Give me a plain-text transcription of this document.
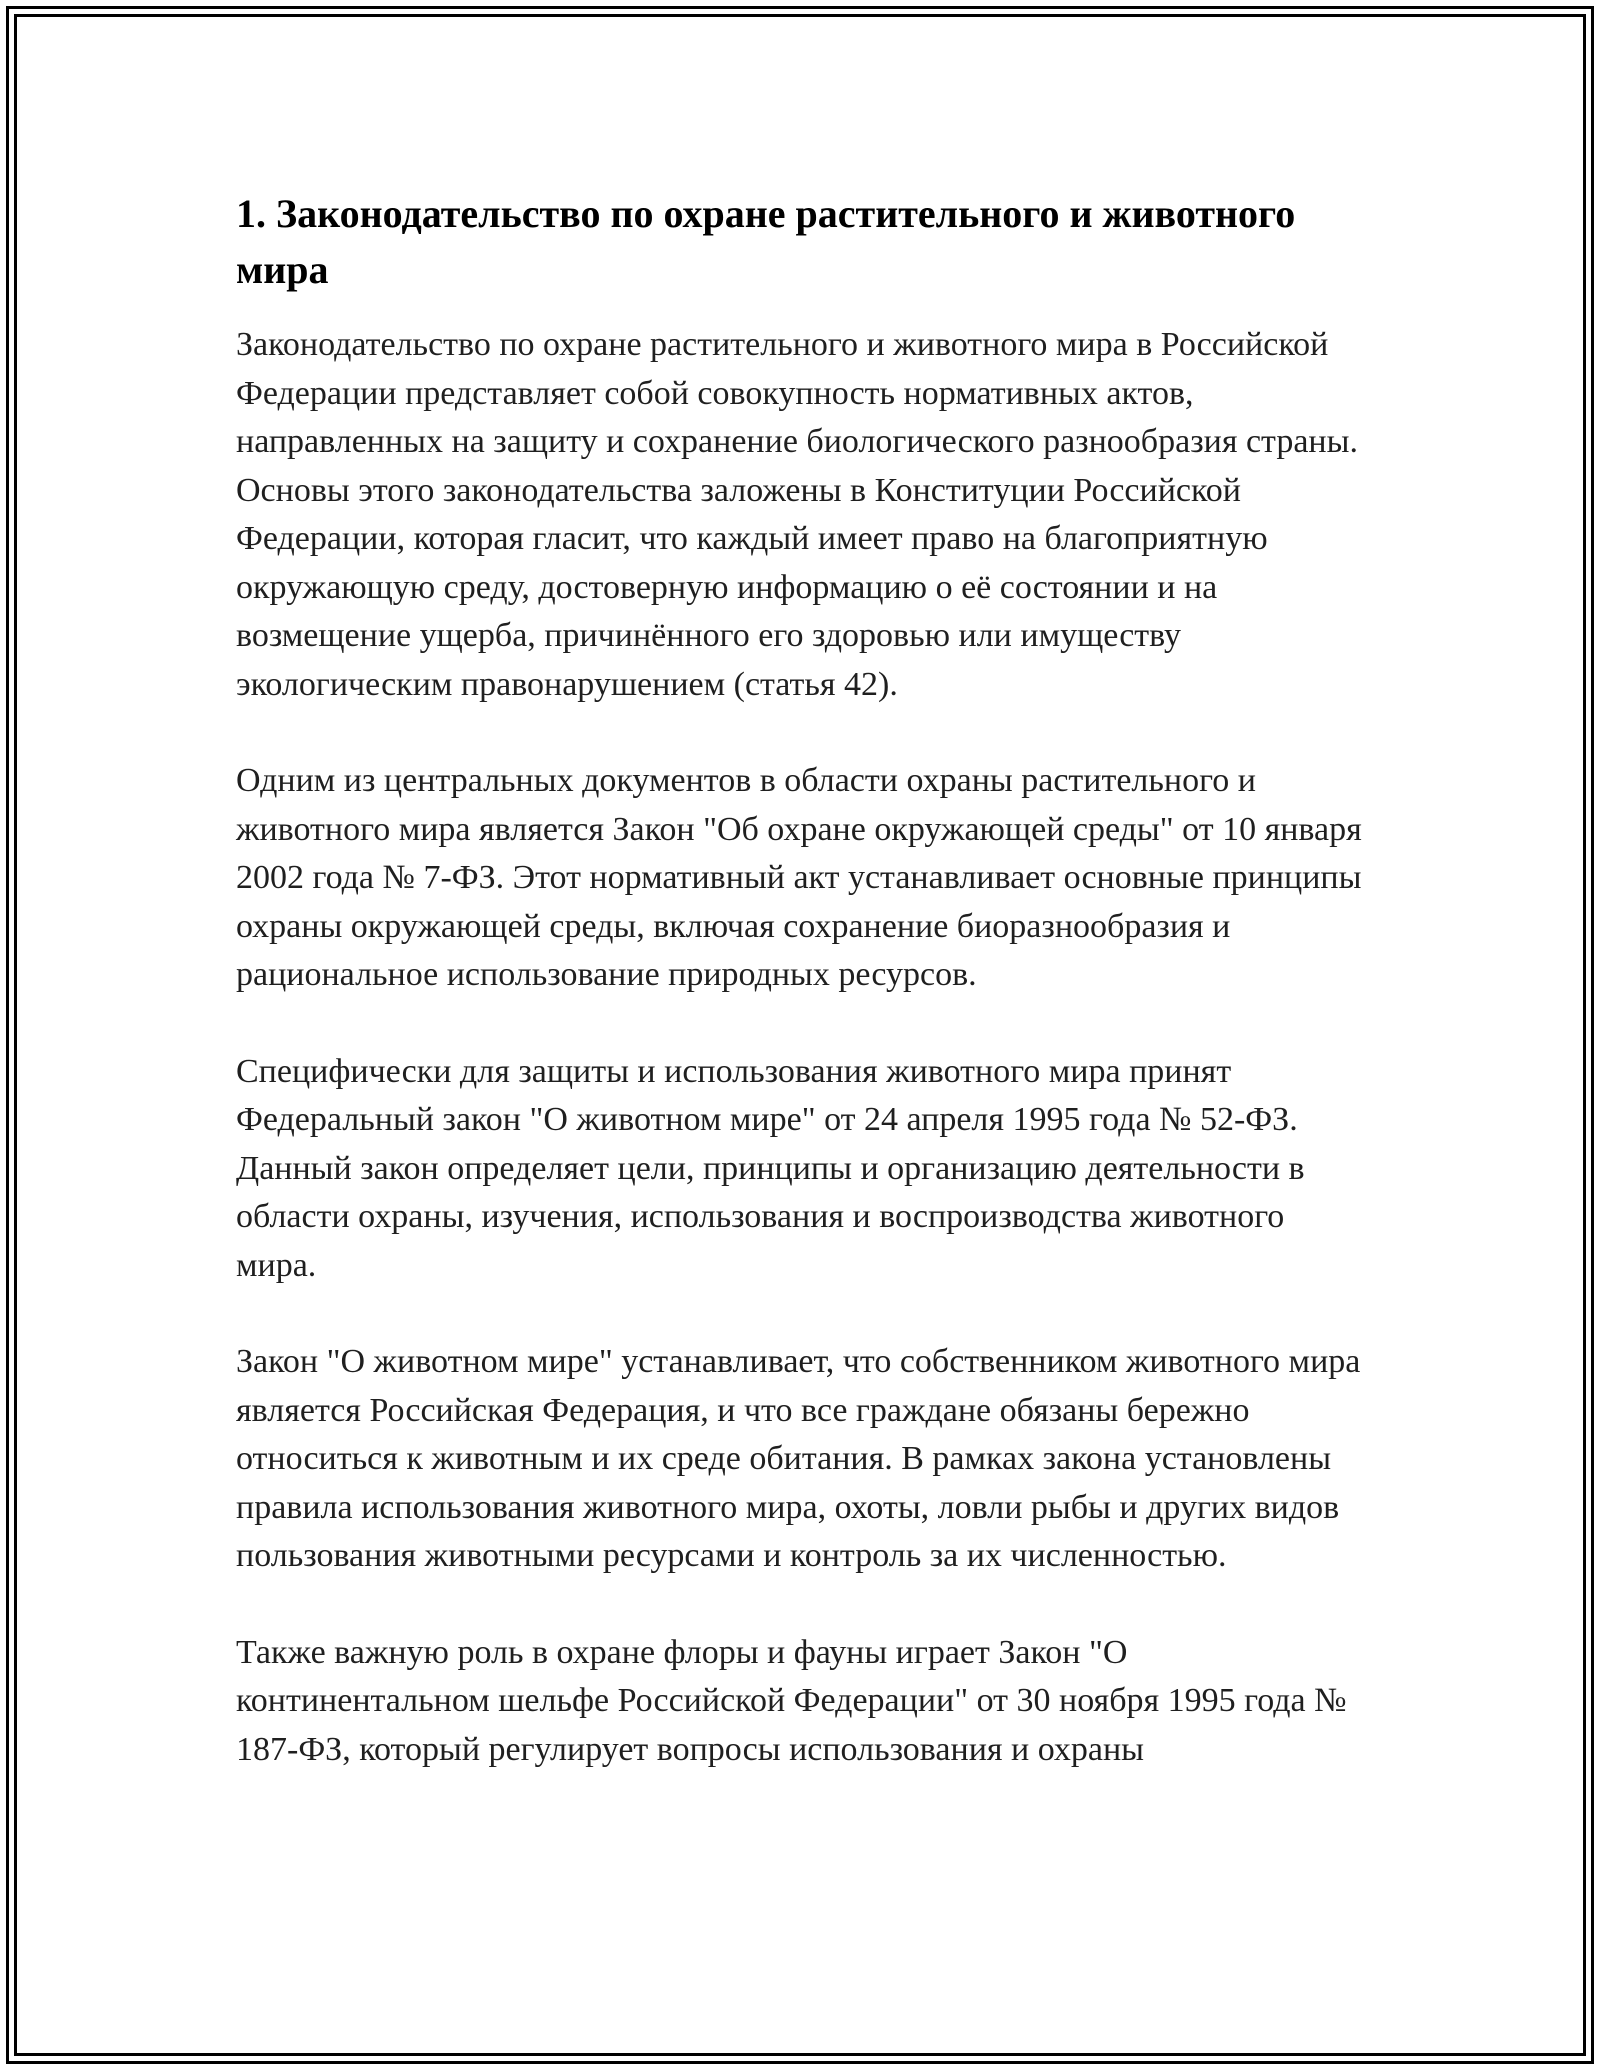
1. Законодательство по охране растительного и животного мира

Законодательство по охране растительного и животного мира в Российской Федерации представляет собой совокупность нормативных актов, направленных на защиту и сохранение биологического разнообразия страны. Основы этого законодательства заложены в Конституции Российской Федерации, которая гласит, что каждый имеет право на благоприятную окружающую среду, достоверную информацию о её состоянии и на возмещение ущерба, причинённого его здоровью или имуществу экологическим правонарушением (статья 42).

Одним из центральных документов в области охраны растительного и животного мира является Закон "Об охране окружающей среды" от 10 января 2002 года № 7-ФЗ. Этот нормативный акт устанавливает основные принципы охраны окружающей среды, включая сохранение биоразнообразия и рациональное использование природных ресурсов.

Специфически для защиты и использования животного мира принят Федеральный закон "О животном мире" от 24 апреля 1995 года № 52-ФЗ. Данный закон определяет цели, принципы и организацию деятельности в области охраны, изучения, использования и воспроизводства животного мира.

Закон "О животном мире" устанавливает, что собственником животного мира является Российская Федерация, и что все граждане обязаны бережно относиться к животным и их среде обитания. В рамках закона установлены правила использования животного мира, охоты, ловли рыбы и других видов пользования животными ресурсами и контроль за их численностью.

Также важную роль в охране флоры и фауны играет Закон "О континентальном шельфе Российской Федерации" от 30 ноября 1995 года № 187-ФЗ, который регулирует вопросы использования и охраны
